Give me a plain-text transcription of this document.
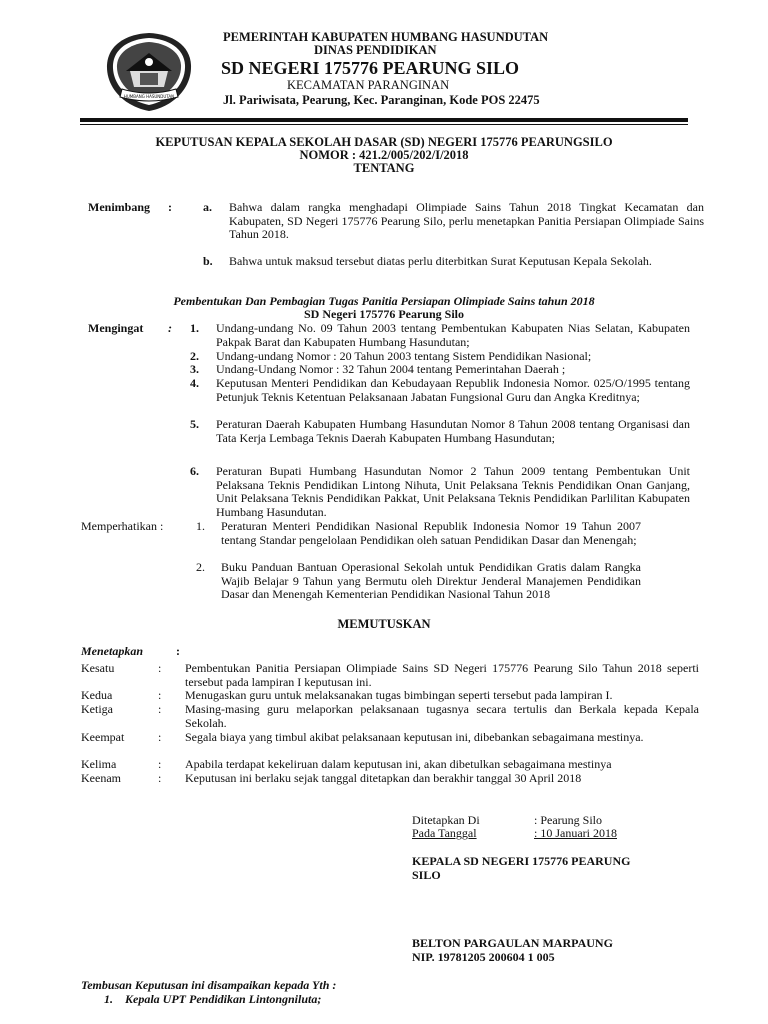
HUMBANG HASUNDUTAN
PEMERINTAH KABUPATEN HUMBANG HASUNDUTAN
DINAS PENDIDIKAN
SD NEGERI 175776 PEARUNG SILO
KECAMATAN PARANGINAN
Jl. Pariwisata, Pearung, Kec. Paranginan, Kode POS 22475
KEPUTUSAN KEPALA SEKOLAH DASAR (SD) NEGERI 175776 PEARUNGSILO
NOMOR : 421.2/005/202/I/2018
TENTANG
Menimbang :	a. Bahwa dalam rangka menghadapi Olimpiade Sains Tahun 2018 Tingkat Kecamatan dan Kabupaten, SD Negeri 175776 Pearung Silo, perlu menetapkan Panitia Persiapan Olimpiade Sains Tahun 2018.
b. Bahwa untuk maksud tersebut diatas perlu diterbitkan Surat Keputusan Kepala Sekolah.
Pembentukan Dan Pembagian Tugas Panitia Persiapan Olimpiade Sains tahun 2018
SD Negeri 175776 Pearung Silo
Mengingat : 1. Undang-undang No. 09 Tahun 2003 tentang Pembentukan Kabupaten Nias Selatan, Kabupaten Pakpak Barat dan Kabupaten Humbang Hasundutan;
2. Undang-undang Nomor : 20 Tahun 2003 tentang Sistem Pendidikan Nasional;
3. Undang-Undang Nomor : 32 Tahun 2004 tentang Pemerintahan Daerah ;
4. Keputusan Menteri Pendidikan dan Kebudayaan Republik Indonesia Nomor. 025/O/1995 tentang Petunjuk Teknis Ketentuan Pelaksanaan Jabatan Fungsional Guru dan Angka Kreditnya;
5. Peraturan Daerah Kabupaten Humbang Hasundutan Nomor 8 Tahun 2008 tentang Organisasi dan Tata Kerja Lembaga Teknis Daerah Kabupaten Humbang Hasundutan;
6. Peraturan Bupati Humbang Hasundutan Nomor 2 Tahun 2009 tentang Pembentukan Unit Pelaksana Teknis Pendidikan Lintong Nihuta, Unit Pelaksana Teknis Pendidikan Onan Ganjang, Unit Pelaksana Teknis Pendidikan Pakkat, Unit Pelaksana Teknis Pendidikan Parlilitan Kabupaten Humbang Hasundutan.
Memperhatikan :	1. Peraturan Menteri Pendidikan Nasional Republik Indonesia Nomor 19 Tahun 2007 tentang Standar pengelolaan Pendidikan oleh satuan Pendidikan Dasar dan Menengah;
2. Buku Panduan Bantuan Operasional Sekolah untuk Pendidikan Gratis dalam Rangka Wajib Belajar 9 Tahun yang Bermutu oleh Direktur Jenderal Manajemen Pendidikan Dasar dan Menengah Kementerian Pendidikan Nasional Tahun 2018
MEMUTUSKAN
Menetapkan	:
Kesatu	: Pembentukan Panitia Persiapan Olimpiade Sains SD Negeri 175776 Pearung Silo Tahun 2018 seperti tersebut pada lampiran I keputusan ini.
Kedua	: Menugaskan guru untuk melaksanakan tugas bimbingan seperti tersebut pada lampiran I.
Ketiga	: Masing-masing guru melaporkan pelaksanaan tugasnya secara tertulis dan Berkala kepada Kepala Sekolah.
Keempat	: Segala biaya yang timbul akibat pelaksanaan keputusan ini, dibebankan sebagaimana mestinya.
Kelima	: Apabila terdapat kekeliruan dalam keputusan ini, akan dibetulkan sebagaimana mestinya
Keenam	: Keputusan ini berlaku sejak tanggal ditetapkan dan berakhir tanggal 30 April 2018
Ditetapkan Di	: Pearung Silo
Pada Tanggal	: 10 Januari 2018
KEPALA SD NEGERI 175776 PEARUNG
SILO
BELTON PARGAULAN MARPAUNG
NIP. 19781205 200604 1 005
Tembusan Keputusan ini disampaikan kepada Yth :
1. Kepala UPT Pendidikan Lintongniluta;
